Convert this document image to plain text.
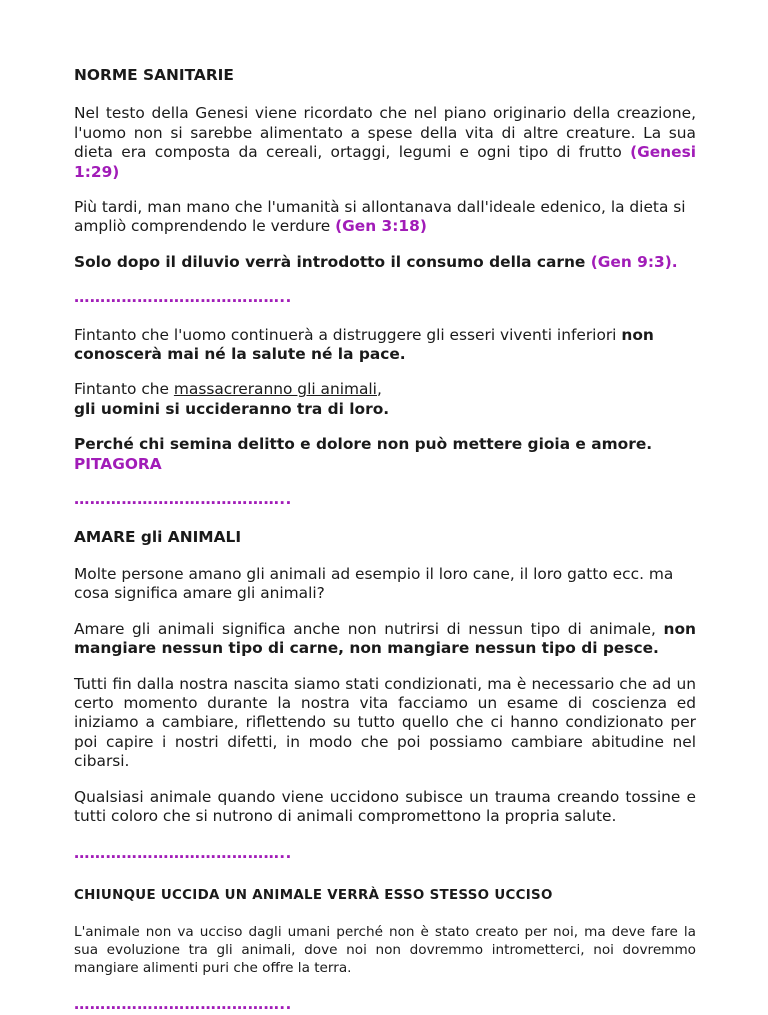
NORME SANITARIE

Nel testo della Genesi viene ricordato che nel piano originario della creazione, l'uomo non si sarebbe alimentato a spese della vita di altre creature. La sua dieta era composta da cereali, ortaggi, legumi e ogni tipo di frutto (Genesi 1:29)

Più tardi, man mano che l'umanità si allontanava dall'ideale edenico, la dieta si ampliò comprendendo le verdure (Gen 3:18)

Solo dopo il diluvio verrà introdotto il consumo della carne (Gen 9:3).

…………………………………..

Fintanto che l'uomo continuerà a distruggere gli esseri viventi inferiori non conoscerà mai né la salute né la pace.

Fintanto che massacreranno gli animali,
gli uomini si uccideranno tra di loro.

Perché chi semina delitto e dolore non può mettere gioia e amore.
PITAGORA

…………………………………..

AMARE gli ANIMALI

Molte persone amano gli animali ad esempio il loro cane, il loro gatto ecc. ma cosa significa amare gli animali?

Amare gli animali significa anche non nutrirsi di nessun tipo di animale, non mangiare nessun tipo di carne, non mangiare nessun tipo di pesce.

Tutti fin dalla nostra nascita siamo stati condizionati, ma è necessario che ad un certo momento durante la nostra vita facciamo un esame di coscienza ed iniziamo a cambiare, riflettendo su tutto quello che ci hanno condizionato per poi capire i nostri difetti, in modo che poi possiamo cambiare abitudine nel cibarsi.

Qualsiasi animale quando viene uccidono subisce un trauma creando tossine e tutti coloro che si nutrono di animali compromettono la propria salute.

…………………………………..

CHIUNQUE UCCIDA UN ANIMALE VERRÀ ESSO STESSO UCCISO

L'animale non va ucciso dagli umani perché non è stato creato per noi, ma deve fare la sua evoluzione tra gli animali, dove noi non dovremmo intrometterci, noi dovremmo mangiare alimenti puri che offre la terra.

…………………………………..
